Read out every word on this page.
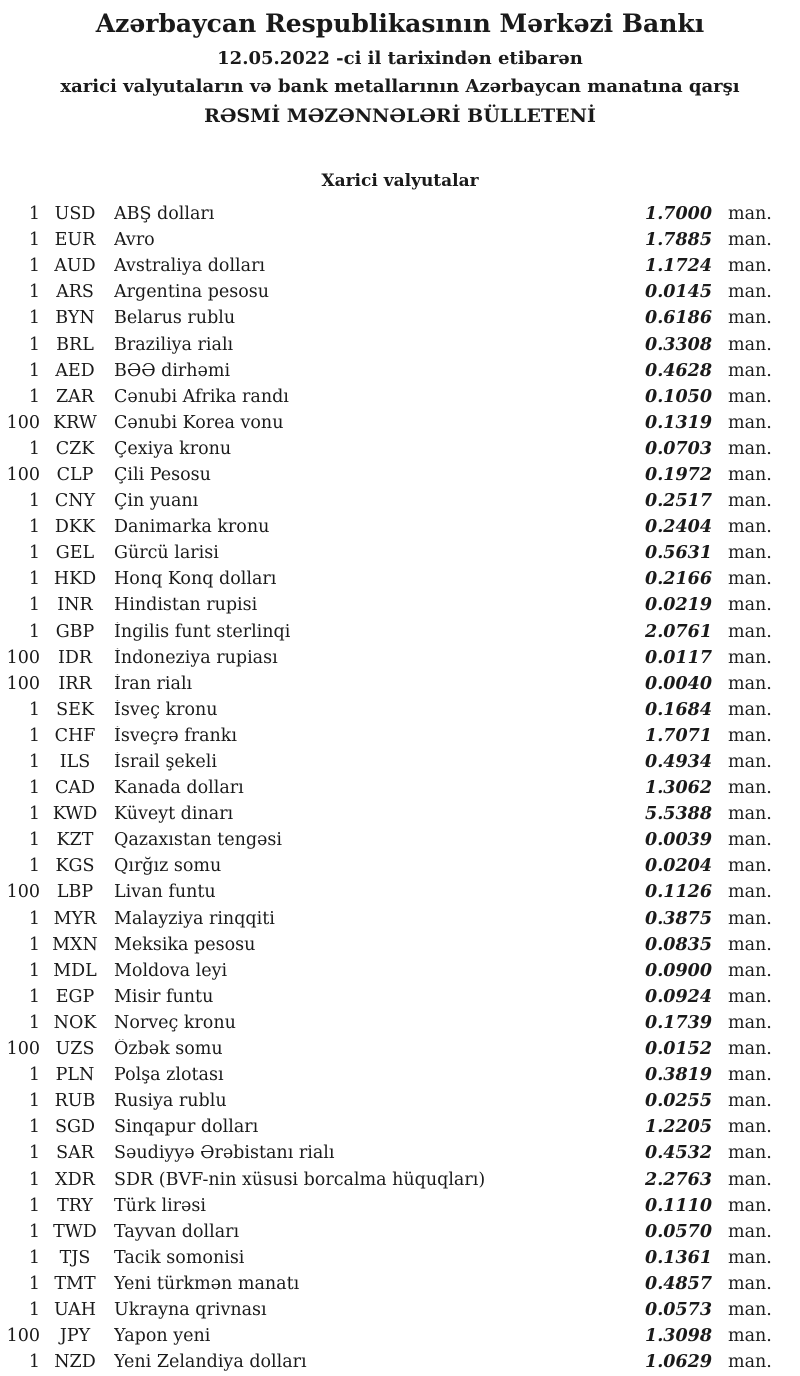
Azərbaycan Respublikasının Mərkəzi Bankı

12.05.2022 -ci il tarixindən etibarən

xarici valyutaların və bank metallarının Azərbaycan manatına qarşı

RƏSMİ MƏZƏNNƏLƏRİ BÜLLETENİ

Xarici valyutalar

1 USD	ABŞ dolları	1.7000 man.
1 EUR	Avro	1.7885 man.
1 AUD	Avstraliya dolları	1.1724 man.
1 ARS	Argentina pesosu	0.0145 man.
1 BYN	Belarus rublu	0.6186 man.
1 BRL	Braziliya rialı	0.3308 man.
1 AED	BƏƏ dirhəmi	0.4628 man.
1 ZAR	Cənubi Afrika randı	0.1050 man.
100 KRW Cənubi Korea vonu	0.1319 man.
1 CZK	Çexiya kronu	0.0703 man.
100 CLP	Çili Pesosu	0.1972 man.
1 CNY	Çin yuanı	0.2517 man.
1 DKK	Danimarka kronu	0.2404 man.
1 GEL	Gürcü larisi	0.5631 man.
1 HKD	Honq Konq dolları	0.2166 man.
1 INR	Hindistan rupisi	0.0219 man.
1 GBP	İngilis funt sterlinqi	2.0761 man.
100	IDR	İndoneziya rupiası	0.0117 man.
100	IRR	İran rialı	0.0040 man.
1 SEK	İsveç kronu	0.1684 man.
1 CHF	İsveçrə frankı	1.7071 man.
1	ILS	İsrail şekeli	0.4934 man.
1 CAD	Kanada dolları	1.3062 man.
1 KWD Küveyt dinarı	5.5388 man.
1 KZT	Qazaxıstan tengəsi	0.0039 man.
1 KGS	Qırğız somu	0.0204 man.
100 LBP	Livan funtu	0.1126 man.
1 MYR	Malayziya rinqqiti	0.3875 man.
1 MXN Meksika pesosu	0.0835 man.
1 MDL Moldova leyi	0.0900 man.
1 EGP	Misir funtu	0.0924 man.
1 NOK	Norveç kronu	0.1739 man.
100 UZS	Özbək somu	0.0152 man.
1 PLN	Polşa zlotası	0.3819 man.
1 RUB	Rusiya rublu	0.0255 man.
1 SGD	Sinqapur dolları	1.2205 man.
1 SAR	Səudiyyə Ərəbistanı rialı	0.4532 man.
1 XDR	SDR (BVF-nin xüsusi borcalma hüquqları)	2.2763 man.
1 TRY	Türk lirəsi	0.1110 man.
1 TWD Tayvan dolları	0.0570 man.
1	TJS	Tacik somonisi	0.1361 man.
1 TMT	Yeni türkmən manatı	0.4857 man.
1 UAH	Ukrayna qrivnası	0.0573 man.
100	JPY	Yapon yeni	1.3098 man.
1 NZD	Yeni Zelandiya dolları	1.0629 man.
